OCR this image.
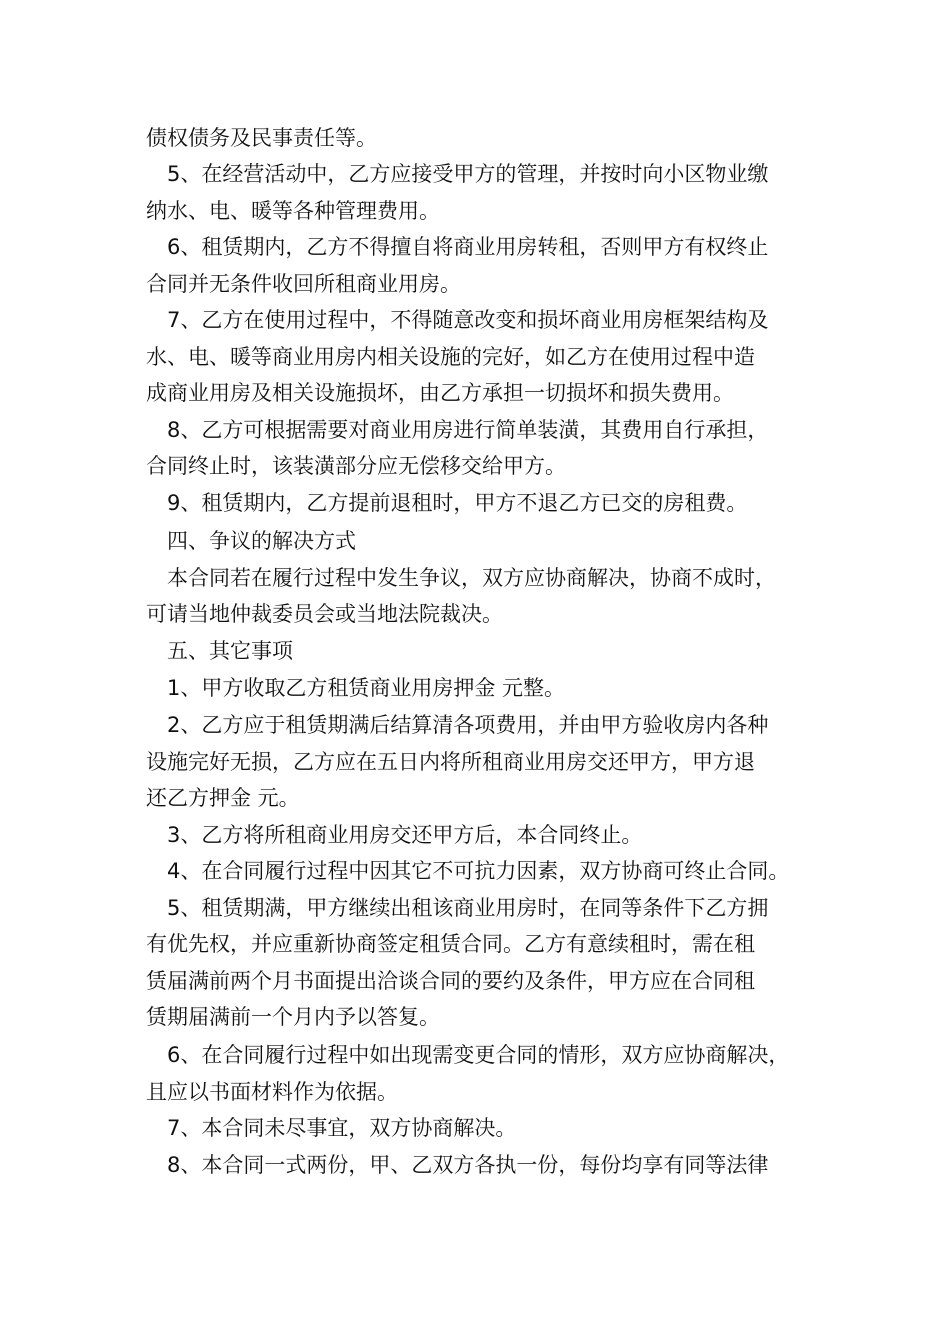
债权债务及民事责任等。
　5、在经营活动中，乙方应接受甲方的管理，并按时向小区物业缴
纳水、电、暖等各种管理费用。
　6、租赁期内，乙方不得擅自将商业用房转租，否则甲方有权终止
合同并无条件收回所租商业用房。
　7、乙方在使用过程中，不得随意改变和损坏商业用房框架结构及
水、电、暖等商业用房内相关设施的完好，如乙方在使用过程中造
成商业用房及相关设施损坏，由乙方承担一切损坏和损失费用。
　8、乙方可根据需要对商业用房进行简单装潢，其费用自行承担，
合同终止时，该装潢部分应无偿移交给甲方。
　9、租赁期内，乙方提前退租时，甲方不退乙方已交的房租费。
　四、争议的解决方式
　本合同若在履行过程中发生争议，双方应协商解决，协商不成时，
可请当地仲裁委员会或当地法院裁决。
　五、其它事项
　1、甲方收取乙方租赁商业用房押金 元整。
　2、乙方应于租赁期满后结算清各项费用，并由甲方验收房内各种
设施完好无损，乙方应在五日内将所租商业用房交还甲方，甲方退
还乙方押金 元。
　3、乙方将所租商业用房交还甲方后，本合同终止。
　4、在合同履行过程中因其它不可抗力因素，双方协商可终止合同。
　5、租赁期满，甲方继续出租该商业用房时，在同等条件下乙方拥
有优先权，并应重新协商签定租赁合同。乙方有意续租时，需在租
赁届满前两个月书面提出洽谈合同的要约及条件，甲方应在合同租
赁期届满前一个月内予以答复。
　6、在合同履行过程中如出现需变更合同的情形，双方应协商解决，
且应以书面材料作为依据。
　7、本合同未尽事宜，双方协商解决。
　8、本合同一式两份，甲、乙双方各执一份，每份均享有同等法律
